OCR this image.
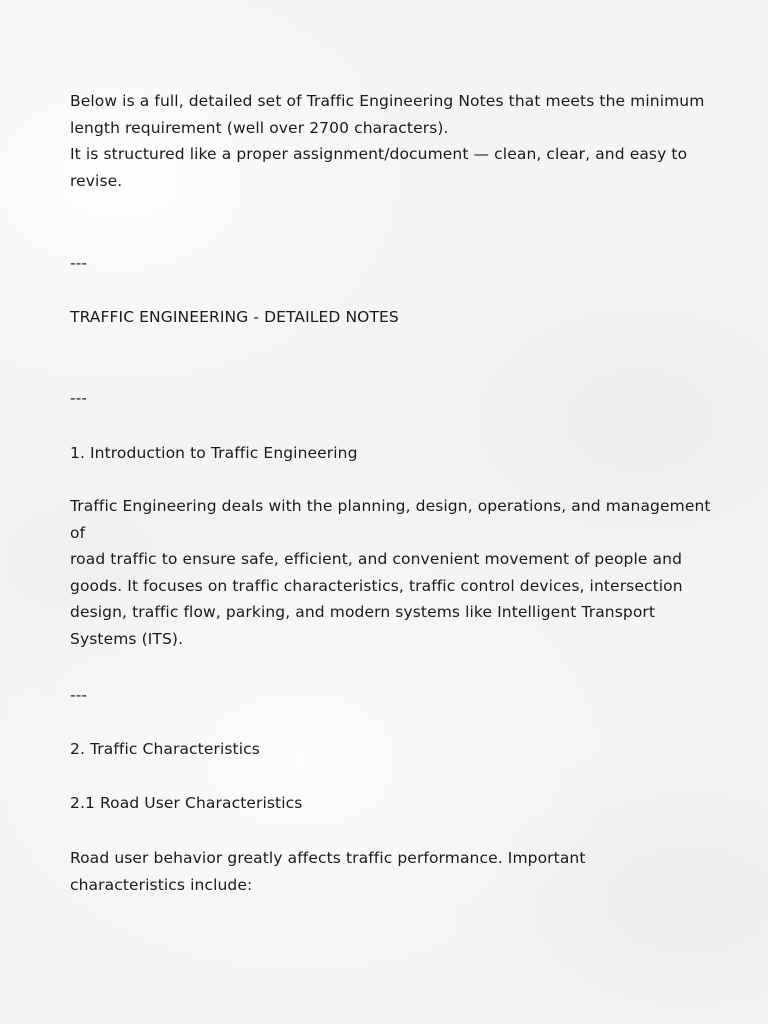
Below is a full, detailed set of Traffic Engineering Notes that meets the minimum
length requirement (well over 2700 characters).
It is structured like a proper assignment/document — clean, clear, and easy to
revise.

---

TRAFFIC ENGINEERING - DETAILED NOTES

---

1. Introduction to Traffic Engineering

Traffic Engineering deals with the planning, design, operations, and management of
road traffic to ensure safe, efficient, and convenient movement of people and
goods. It focuses on traffic characteristics, traffic control devices, intersection
design, traffic flow, parking, and modern systems like Intelligent Transport
Systems (ITS).

---

2. Traffic Characteristics

2.1 Road User Characteristics

Road user behavior greatly affects traffic performance. Important
characteristics include:
